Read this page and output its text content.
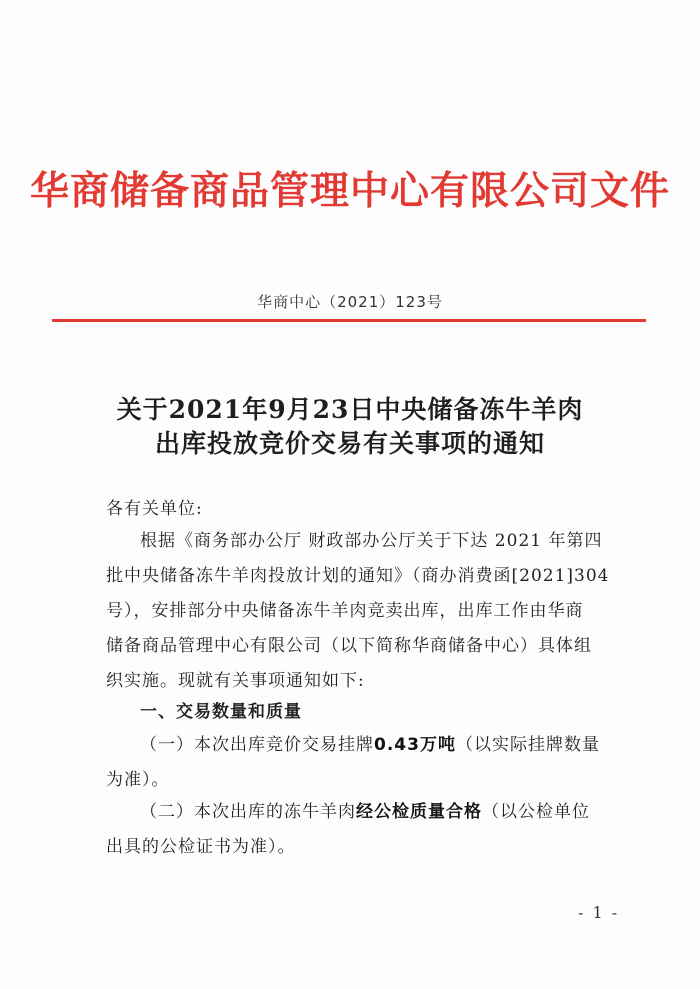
华商储备商品管理中心有限公司文件
华商中心（2021）123号
关于2021年9月23日中央储备冻牛羊肉
出库投放竞价交易有关事项的通知
各有关单位:
根据《商务部办公厅 财政部办公厅关于下达 2021 年第四
批中央储备冻牛羊肉投放计划的通知》（商办消费函[2021]304
号），安排部分中央储备冻牛羊肉竞卖出库，出库工作由华商
储备商品管理中心有限公司（以下简称华商储备中心）具体组
织实施。现就有关事项通知如下:
一、交易数量和质量
（一）本次出库竞价交易挂牌0.43万吨（以实际挂牌数量
为准）。
（二）本次出库的冻牛羊肉经公检质量合格（以公检单位
出具的公检证书为准）。
- 1 -
